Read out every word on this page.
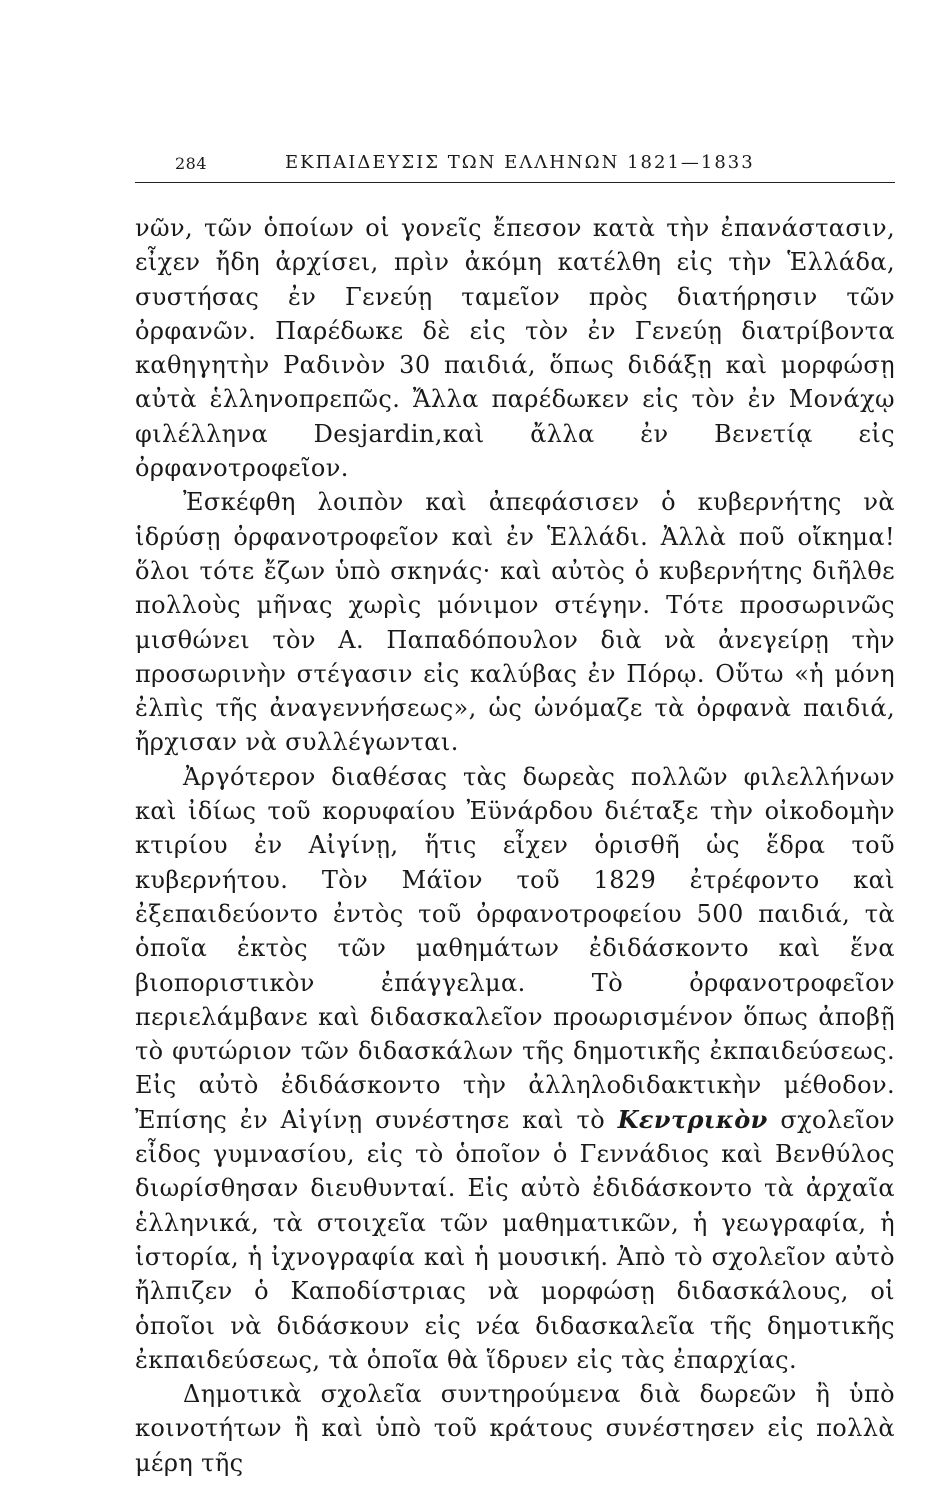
284	ΕΚΠΑΙΔΕΥΣΙΣ ΤΩΝ ΕΛΛΗΝΩΝ 1821—1833

νῶν, τῶν ὁποίων οἱ γονεῖς ἔπεσον κατὰ τὴν ἐπανάστασιν, εἶχεν ἤδη ἀρχίσει, πρὶν ἀκόμη κατέλθη εἰς τὴν Ἑλλάδα, συστήσας ἐν Γενεύῃ ταμεῖον πρὸς διατήρησιν τῶν ὀρφανῶν. Παρέδωκε δὲ εἰς τὸν ἐν Γενεύῃ διατρίβοντα καθηγητὴν Ραδινὸν 30 παιδιά, ὅπως διδάξῃ καὶ μορφώσῃ αὐτὰ ἑλληνοπρεπῶς. Ἄλλα παρέδωκεν εἰς τὸν ἐν Μονάχῳ φιλέλληνα Desjardin,καὶ ἄλλα ἐν Βενετίᾳ εἰς ὀρφανοτροφεῖον.

Ἐσκέφθη λοιπὸν καὶ ἀπεφάσισεν ὁ κυβερνήτης νὰ ἱδρύσῃ ὀρφανοτροφεῖον καὶ ἐν Ἑλλάδι. Ἀλλὰ ποῦ οἴκημα! ὅλοι τότε ἔζων ὑπὸ σκηνάς· καὶ αὐτὸς ὁ κυβερνήτης διῆλθε πολλοὺς μῆνας χωρὶς μόνιμον στέγην. Τότε προσωρινῶς μισθώνει τὸν Α. Παπαδόπουλον διὰ νὰ ἀνεγείρῃ τὴν προσωρινὴν στέγασιν εἰς καλύβας ἐν Πόρῳ. Οὕτω «ἡ μόνη ἐλπὶς τῆς ἀναγεννήσεως», ὡς ὠνόμαζε τὰ ὀρφανὰ παιδιά, ἤρχισαν νὰ συλλέγωνται.

Ἀργότερον διαθέσας τὰς δωρεὰς πολλῶν φιλελλήνων καὶ ἰδίως τοῦ κορυφαίου Ἐϋνάρδου διέταξε τὴν οἰκοδομὴν κτιρίου ἐν Αἰγίνῃ, ἥτις εἶχεν ὁρισθῆ ὡς ἕδρα τοῦ κυβερνήτου. Τὸν Μάϊον τοῦ 1829 ἐτρέφοντο καὶ ἐξεπαιδεύοντο ἐντὸς τοῦ ὀρφανοτροφείου 500 παιδιά, τὰ ὁποῖα ἐκτὸς τῶν μαθημάτων ἐδιδάσκοντο καὶ ἕνα βιοποριστικὸν ἐπάγγελμα. Τὸ ὀρφανοτροφεῖον περιελάμβανε καὶ διδασκαλεῖον προωρισμένον ὅπως ἀποβῇ τὸ φυτώριον τῶν διδασκάλων τῆς δημοτικῆς ἐκπαιδεύσεως. Εἰς αὐτὸ ἐδιδάσκοντο τὴν ἀλληλοδιδακτικὴν μέθοδον. Ἐπίσης ἐν Αἰγίνῃ συνέστησε καὶ τὸ Κεντρικὸν σχολεῖον εἶδος γυμνασίου, εἰς τὸ ὁποῖον ὁ Γεννάδιος καὶ Βενθύλος διωρίσθησαν διευθυνταί. Εἰς αὐτὸ ἐδιδάσκοντο τὰ ἀρχαῖα ἑλληνικά, τὰ στοιχεῖα τῶν μαθηματικῶν, ἡ γεωγραφία, ἡ ἱστορία, ἡ ἰχνογραφία καὶ ἡ μουσική. Ἀπὸ τὸ σχολεῖον αὐτὸ ἤλπιζεν ὁ Καποδίστριας νὰ μορφώσῃ διδασκάλους, οἱ ὁποῖοι νὰ διδάσκουν εἰς νέα διδασκαλεῖα τῆς δημοτικῆς ἐκπαιδεύσεως, τὰ ὁποῖα θὰ ἵδρυεν εἰς τὰς ἐπαρχίας.

Δημοτικὰ σχολεῖα συντηρούμενα διὰ δωρεῶν ἢ ὑπὸ κοινοτήτων ἢ καὶ ὑπὸ τοῦ κράτους συνέστησεν εἰς πολλὰ μέρη τῆς
